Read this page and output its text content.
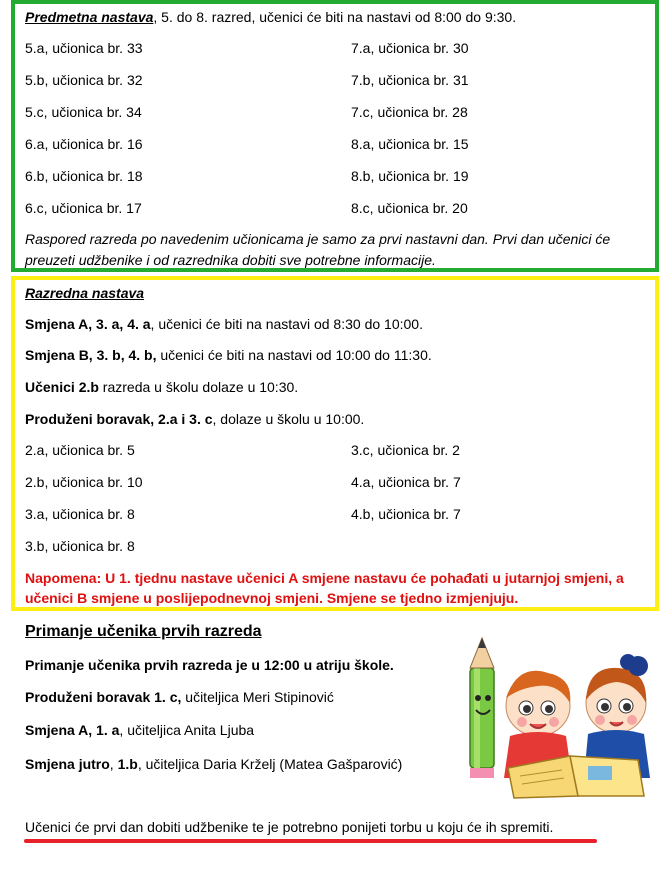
Predmetna nastava, 5. do 8. razred, učenici će biti na nastavi od 8:00 do 9:30.
5.a, učionica br. 33
5.b, učionica br. 32
5.c, učionica br. 34
6.a, učionica br. 16
6.b, učionica br. 18
6.c, učionica br. 17
7.a, učionica br. 30
7.b, učionica br. 31
7.c, učionica br. 28
8.a, učionica br. 15
8.b, učionica br. 19
8.c, učionica br. 20
Raspored razreda po navedenim učionicama je samo za prvi nastavni dan. Prvi dan učenici će
preuzeti udžbenike i od razrednika dobiti sve potrebne informacije.
Razredna nastava
Smjena A, 3. a, 4. a, učenici će biti na nastavi od 8:30 do 10:00.
Smjena B, 3. b, 4. b, učenici će biti na nastavi od 10:00 do 11:30.
Učenici 2.b razreda u školu dolaze u 10:30.
Produženi boravak, 2.a i 3. c, dolaze u školu u 10:00.
2.a, učionica br. 5
2.b, učionica br. 10
3.a, učionica br. 8
3.b, učionica br. 8
3.c, učionica br. 2
4.a, učionica br. 7
4.b, učionica br. 7
Napomena: U 1. tjednu nastave učenici A smjene nastavu će pohađati u jutarnjoj smjeni, a
učenici B smjene u poslijepodnevnoj smjeni. Smjene se tjedno izmjenjuju.
Primanje učenika prvih razreda
Primanje učenika prvih razreda je u 12:00 u atriju škole.
Produženi boravak 1. c, učiteljica Meri Stipinović
Smjena A, 1. a, učiteljica Anita Ljuba
Smjena jutro, 1.b, učiteljica Daria Krželj (Matea Gašparović)
Učenici će prvi dan dobiti udžbenike te je potrebno ponijeti torbu u koju će ih spremiti.
